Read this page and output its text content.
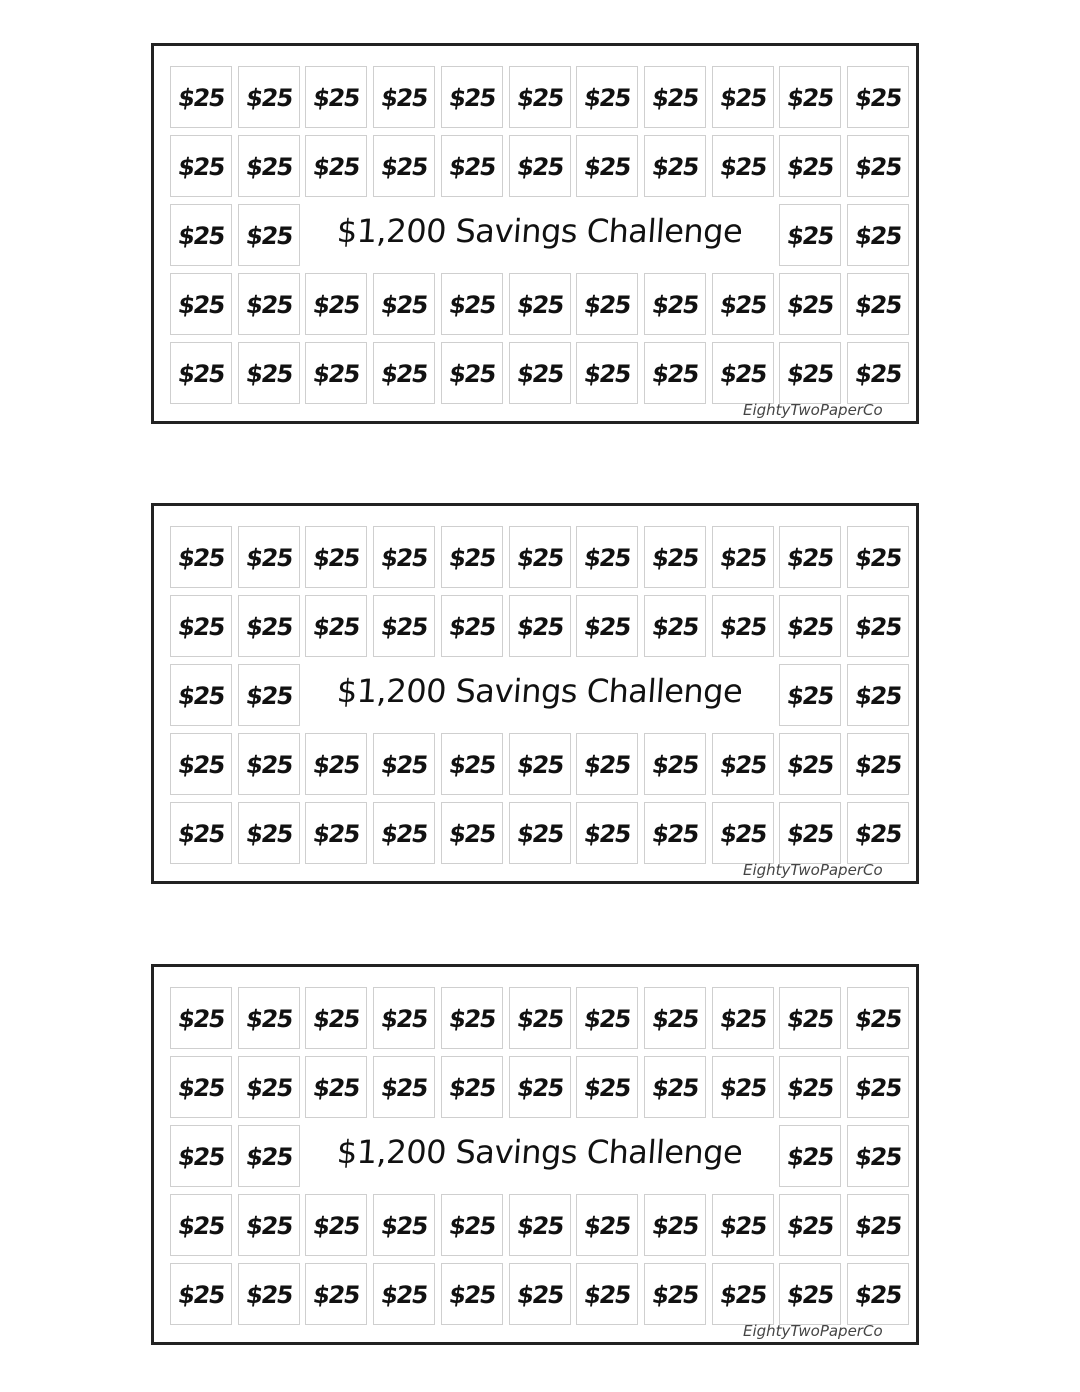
$25 $25 $25 $25 $25 $25 $25 $25 $25 $25 $25
$25 $25 $25 $25 $25 $25 $25 $25 $25 $25 $25
$25 $25	$25 $25
$25 $25 $25 $25 $25 $25 $25 $25 $25 $25 $25
$25 $25 $25 $25 $25 $25 $25 $25 $25 $25 $25
$1,200 Savings Challenge
EightyTwoPaperCo
$25 $25 $25 $25 $25 $25 $25 $25 $25 $25 $25
$25 $25 $25 $25 $25 $25 $25 $25 $25 $25 $25
$25 $25	$25 $25
$25 $25 $25 $25 $25 $25 $25 $25 $25 $25 $25
$25 $25 $25 $25 $25 $25 $25 $25 $25 $25 $25
$1,200 Savings Challenge
EightyTwoPaperCo
$25 $25 $25 $25 $25 $25 $25 $25 $25 $25 $25
$25 $25 $25 $25 $25 $25 $25 $25 $25 $25 $25
$25 $25	$25 $25
$25 $25 $25 $25 $25 $25 $25 $25 $25 $25 $25
$25 $25 $25 $25 $25 $25 $25 $25 $25 $25 $25
$1,200 Savings Challenge
EightyTwoPaperCo
